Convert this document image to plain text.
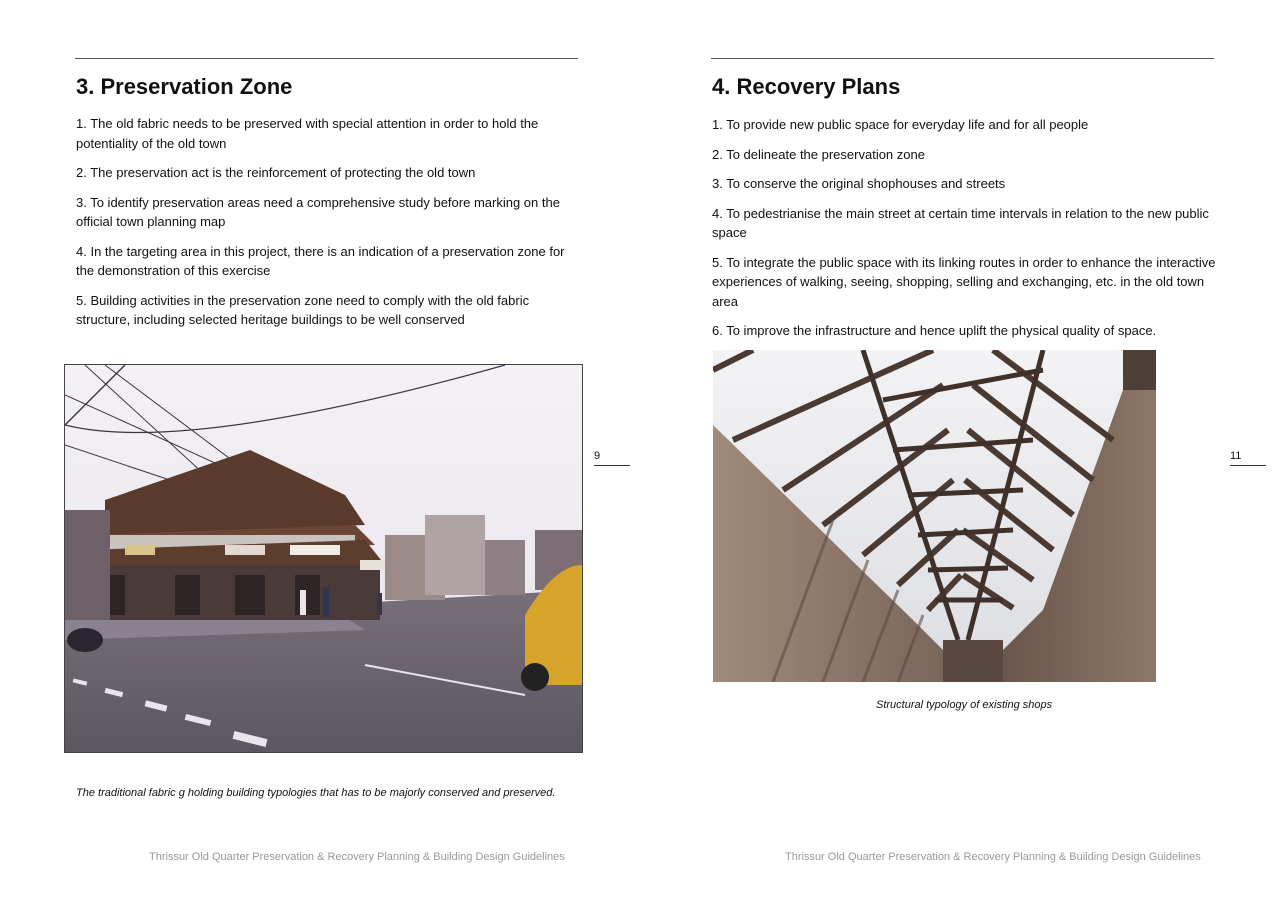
3. Preservation Zone
1. The old fabric needs to be preserved with special attention in order to hold the potentiality of the old town
2. The preservation act is the reinforcement of protecting the old town
3. To identify preservation areas need a comprehensive study before marking on the official town planning map
4. In the targeting area in this project, there is an indication of a preservation zone for the demonstration of this exercise
5. Building activities in the preservation zone need to comply with the old fabric structure, including selected heritage buildings to be well conserved

The traditional fabric g holding building typologies that has to be majorly conserved and preserved.

9
Thrissur Old Quarter Preservation & Recovery Planning & Building Design Guidelines
4. Recovery Plans
1. To provide new public space for everyday life and for all people
2. To delineate the preservation zone
3. To conserve the original shophouses and streets
4. To pedestrianise the main street at certain time intervals in relation to the new public space
5. To integrate the public space with its linking routes in order to enhance the interactive experiences of walking, seeing, shopping, selling and exchanging, etc. in the old town area
6. To improve the infrastructure and hence uplift the physical quality of space.

Structural typology of existing shops

11
Thrissur Old Quarter Preservation & Recovery Planning & Building Design Guidelines
